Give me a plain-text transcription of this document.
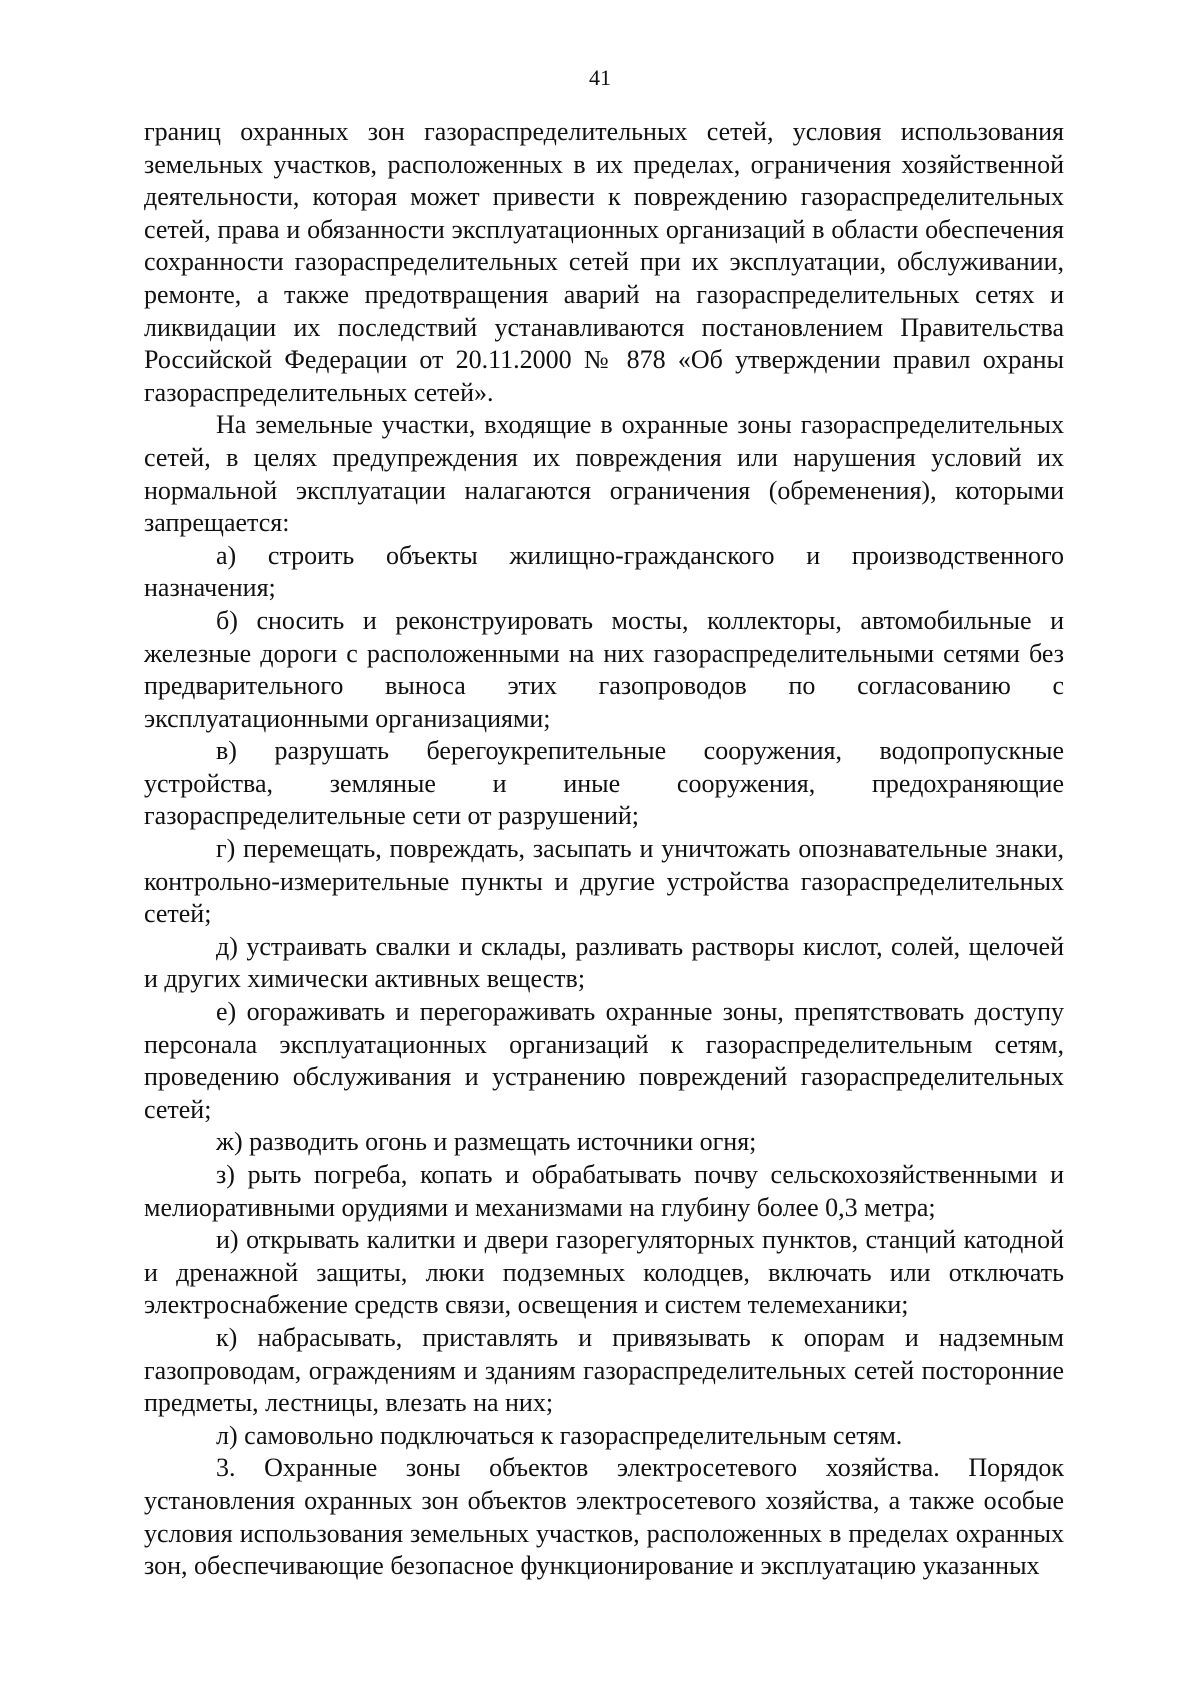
41

границ охранных зон газораспределительных сетей, условия использования земельных участков, расположенных в их пределах, ограничения хозяйственной деятельности, которая может привести к повреждению газораспределительных сетей, права и обязанности эксплуатационных организаций в области обеспечения сохранности газораспределительных сетей при их эксплуатации, обслуживании, ремонте, а также предотвращения аварий на газораспределительных сетях и ликвидации их последствий устанавливаются постановлением Правительства Российской Федерации от 20.11.2000 № 878 «Об утверждении правил охраны газораспределительных сетей».

На земельные участки, входящие в охранные зоны газораспределительных сетей, в целях предупреждения их повреждения или нарушения условий их нормальной эксплуатации налагаются ограничения (обременения), которыми запрещается:

а) строить объекты жилищно-гражданского и производственного назначения;

б) сносить и реконструировать мосты, коллекторы, автомобильные и железные дороги с расположенными на них газораспределительными сетями без предварительного выноса этих газопроводов по согласованию с эксплуатационными организациями;

в) разрушать берегоукрепительные сооружения, водопропускные устройства, земляные и иные сооружения, предохраняющие газораспределительные сети от разрушений;

г) перемещать, повреждать, засыпать и уничтожать опознавательные знаки, контрольно-измерительные пункты и другие устройства газораспределительных сетей;

д) устраивать свалки и склады, разливать растворы кислот, солей, щелочей и других химически активных веществ;

е) огораживать и перегораживать охранные зоны, препятствовать доступу персонала эксплуатационных организаций к газораспределительным сетям, проведению обслуживания и устранению повреждений газораспределительных сетей;

ж) разводить огонь и размещать источники огня;

з) рыть погреба, копать и обрабатывать почву сельскохозяйственными и мелиоративными орудиями и механизмами на глубину более 0,3 метра;

и) открывать калитки и двери газорегуляторных пунктов, станций катодной и дренажной защиты, люки подземных колодцев, включать или отключать электроснабжение средств связи, освещения и систем телемеханики;

к) набрасывать, приставлять и привязывать к опорам и надземным газопроводам, ограждениям и зданиям газораспределительных сетей посторонние предметы, лестницы, влезать на них;

л) самовольно подключаться к газораспределительным сетям.

3. Охранные зоны объектов электросетевого хозяйства. Порядок установления охранных зон объектов электросетевого хозяйства, а также особые условия использования земельных участков, расположенных в пределах охранных зон, обеспечивающие безопасное функционирование и эксплуатацию указанных
